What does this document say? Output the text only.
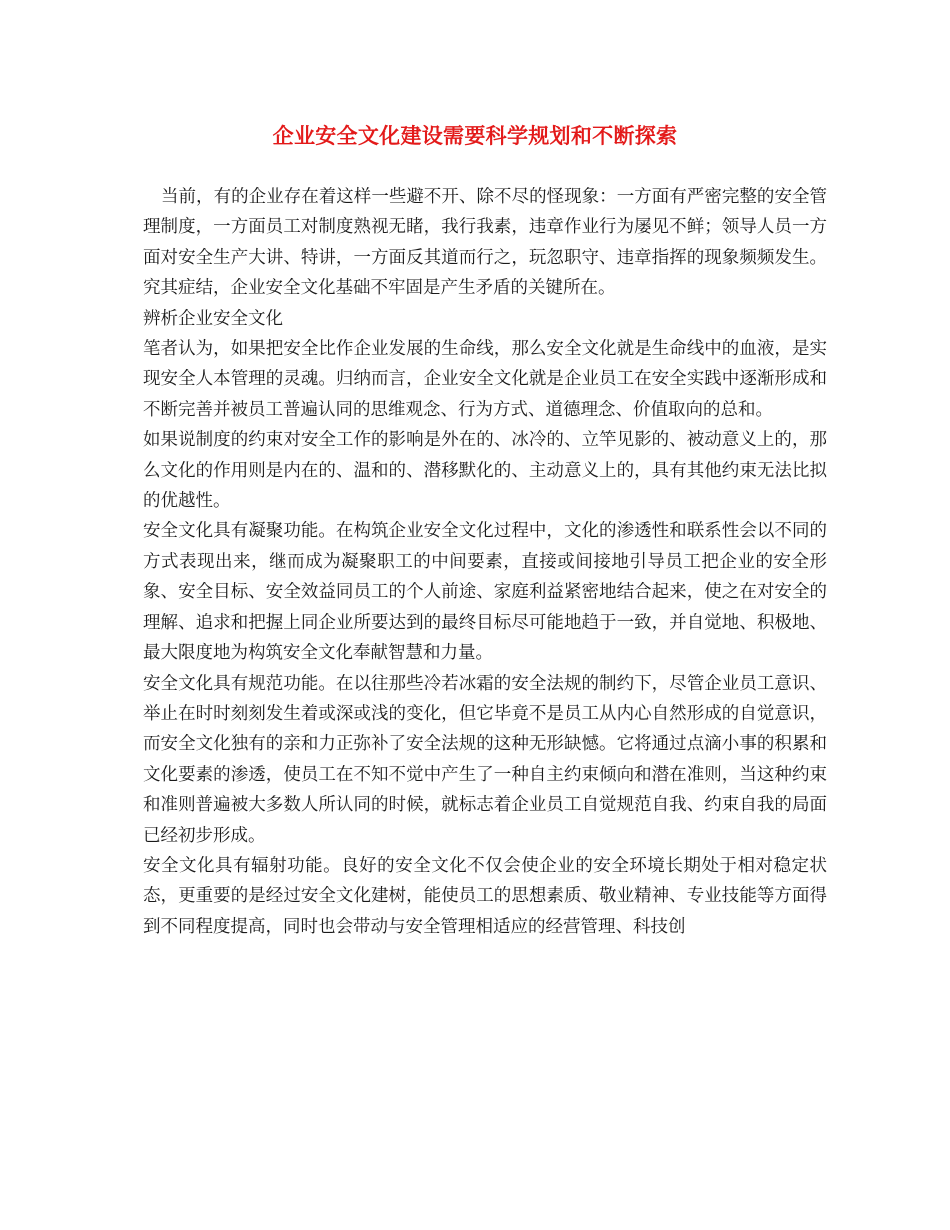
企业安全文化建设需要科学规划和不断探索

当前，有的企业存在着这样一些避不开、除不尽的怪现象：一方面有严密完整的安全管理制度，一方面员工对制度熟视无睹，我行我素，违章作业行为屡见不鲜；领导人员一方面对安全生产大讲、特讲，一方面反其道而行之，玩忽职守、违章指挥的现象频频发生。究其症结，企业安全文化基础不牢固是产生矛盾的关键所在。

辨析企业安全文化

笔者认为，如果把安全比作企业发展的生命线，那么安全文化就是生命线中的血液，是实现安全人本管理的灵魂。归纳而言，企业安全文化就是企业员工在安全实践中逐渐形成和不断完善并被员工普遍认同的思维观念、行为方式、道德理念、价值取向的总和。

如果说制度的约束对安全工作的影响是外在的、冰冷的、立竿见影的、被动意义上的，那么文化的作用则是内在的、温和的、潜移默化的、主动意义上的，具有其他约束无法比拟的优越性。

安全文化具有凝聚功能。在构筑企业安全文化过程中，文化的渗透性和联系性会以不同的方式表现出来，继而成为凝聚职工的中间要素，直接或间接地引导员工把企业的安全形象、安全目标、安全效益同员工的个人前途、家庭利益紧密地结合起来，使之在对安全的理解、追求和把握上同企业所要达到的最终目标尽可能地趋于一致，并自觉地、积极地、最大限度地为构筑安全文化奉献智慧和力量。

安全文化具有规范功能。在以往那些冷若冰霜的安全法规的制约下，尽管企业员工意识、举止在时时刻刻发生着或深或浅的变化，但它毕竟不是员工从内心自然形成的自觉意识，而安全文化独有的亲和力正弥补了安全法规的这种无形缺憾。它将通过点滴小事的积累和文化要素的渗透，使员工在不知不觉中产生了一种自主约束倾向和潜在准则，当这种约束和准则普遍被大多数人所认同的时候，就标志着企业员工自觉规范自我、约束自我的局面已经初步形成。

安全文化具有辐射功能。良好的安全文化不仅会使企业的安全环境长期处于相对稳定状态，更重要的是经过安全文化建树，能使员工的思想素质、敬业精神、专业技能等方面得到不同程度提高，同时也会带动与安全管理相适应的经营管理、科技创
